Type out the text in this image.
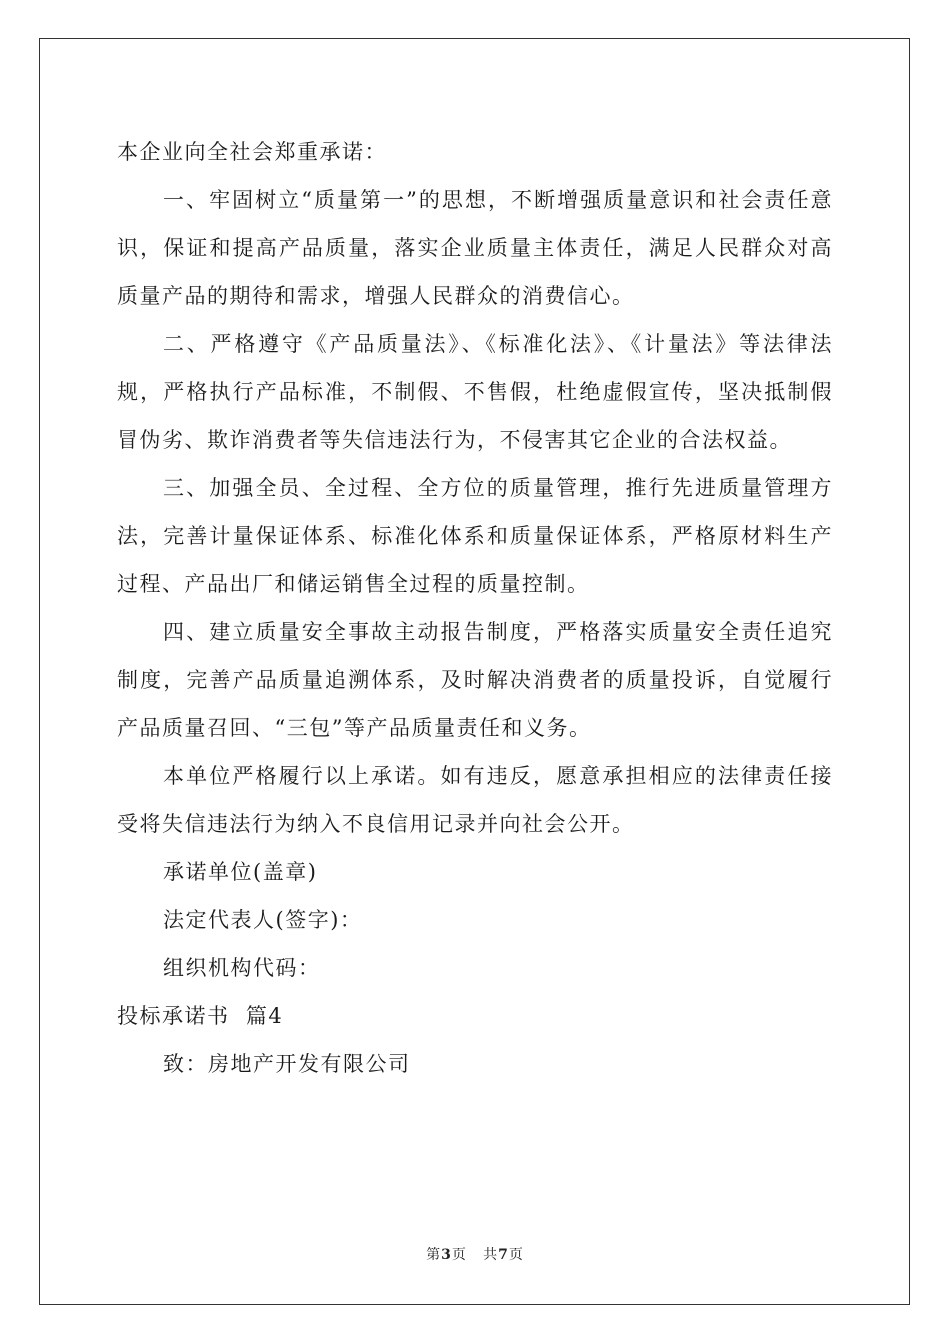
本企业向全社会郑重承诺：

一、牢固树立“质量第一”的思想，不断增强质量意识和社会责任意识，保证和提高产品质量，落实企业质量主体责任，满足人民群众对高质量产品的期待和需求，增强人民群众的消费信心。

二、严格遵守《产品质量法》、《标准化法》、《计量法》等法律法规，严格执行产品标准，不制假、不售假，杜绝虚假宣传，坚决抵制假冒伪劣、欺诈消费者等失信违法行为，不侵害其它企业的合法权益。

三、加强全员、全过程、全方位的质量管理，推行先进质量管理方法，完善计量保证体系、标准化体系和质量保证体系，严格原材料生产过程、产品出厂和储运销售全过程的质量控制。

四、建立质量安全事故主动报告制度，严格落实质量安全责任追究制度，完善产品质量追溯体系，及时解决消费者的质量投诉，自觉履行产品质量召回、“三包”等产品质量责任和义务。

本单位严格履行以上承诺。如有违反，愿意承担相应的法律责任接受将失信违法行为纳入不良信用记录并向社会公开。

承诺单位(盖章)

法定代表人(签字)：

组织机构代码：

投标承诺书  篇4

致：房地产开发有限公司

第3页   共7页
